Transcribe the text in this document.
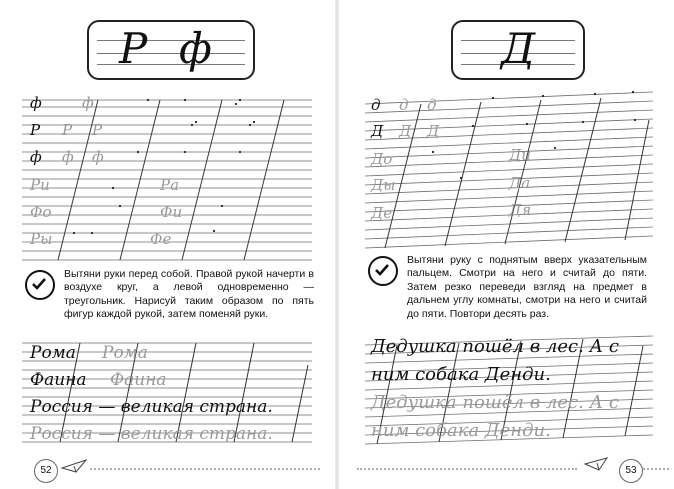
Р ф
ф	ф
Р Р Р
ф ф ф
Ри	Ра
Фо	Фи
Ры	Фе
Вытяни руки перед собой. Правой рукой начерти в воздухе круг, а левой одновременно — треугольник. Нарисуй таким образом по пять фигур каждой рукой, затем поменяй руки.
Рома Рома
Фаина Фаина
Россия — великая страна.
Россия — великая страна.
52
Д
д д д
Д Д Д
До	Ди
Ды	Да
Де	Дя
Вытяни руку с поднятым вверх указательным пальцем. Смотри на него и считай до пяти. Затем резко переведи взгляд на предмет в дальнем углу комнаты, смотри на него и считай до пяти. Повтори десять раз.
Дедушка пошёл в лес. А с
ним собака Денди.
Дедушка пошёл в лес. А с
ним собака Денди.
53
